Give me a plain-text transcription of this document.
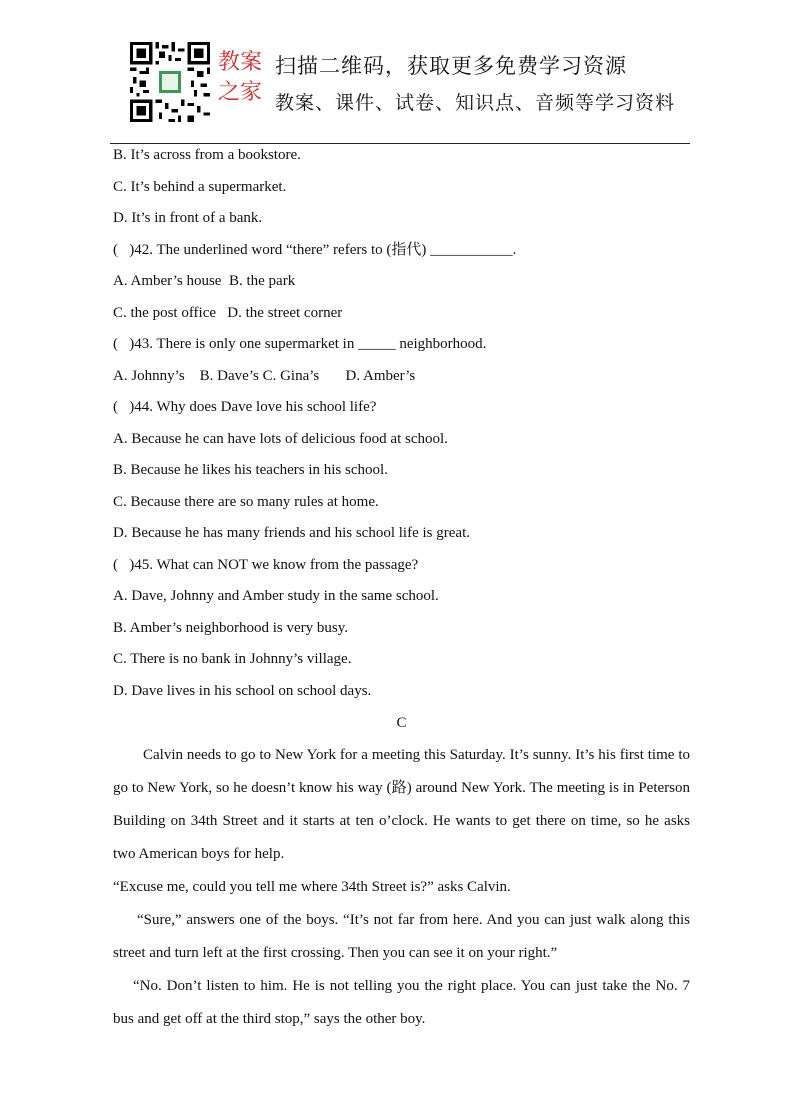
教案
之家
扫描二维码，获取更多免费学习资源
教案、课件、试卷、知识点、音频等学习资料
B. It’s across from a bookstore.
C. It’s behind a supermarket.
D. It’s in front of a bank.
(   )42. The underlined word “there” refers to (指代) ___________.
A. Amber’s house  B. the park
C. the post office   D. the street corner
(   )43. There is only one supermarket in _____ neighborhood.
A. Johnny’s    B. Dave’s C. Gina’s       D. Amber’s
(   )44. Why does Dave love his school life?
A. Because he can have lots of delicious food at school.
B. Because he likes his teachers in his school.
C. Because there are so many rules at home.
D. Because he has many friends and his school life is great.
(   )45. What can NOT we know from the passage?
A. Dave, Johnny and Amber study in the same school.
B. Amber’s neighborhood is very busy.
C. There is no bank in Johnny’s village.
D. Dave lives in his school on school days.
C
Calvin needs to go to New York for a meeting this Saturday. It’s sunny. It’s his first time to go to New York, so he doesn’t know his way (路) around New York. The meeting is in Peterson Building on 34th Street and it starts at ten o’clock. He wants to get there on time, so he asks two American boys for help.
“Excuse me, could you tell me where 34th Street is?” asks Calvin.
“Sure,” answers one of the boys. “It’s not far from here. And you can just walk along this street and turn left at the first crossing. Then you can see it on your right.”
“No. Don’t listen to him. He is not telling you the right place. You can just take the No. 7 bus and get off at the third stop,” says the other boy.
